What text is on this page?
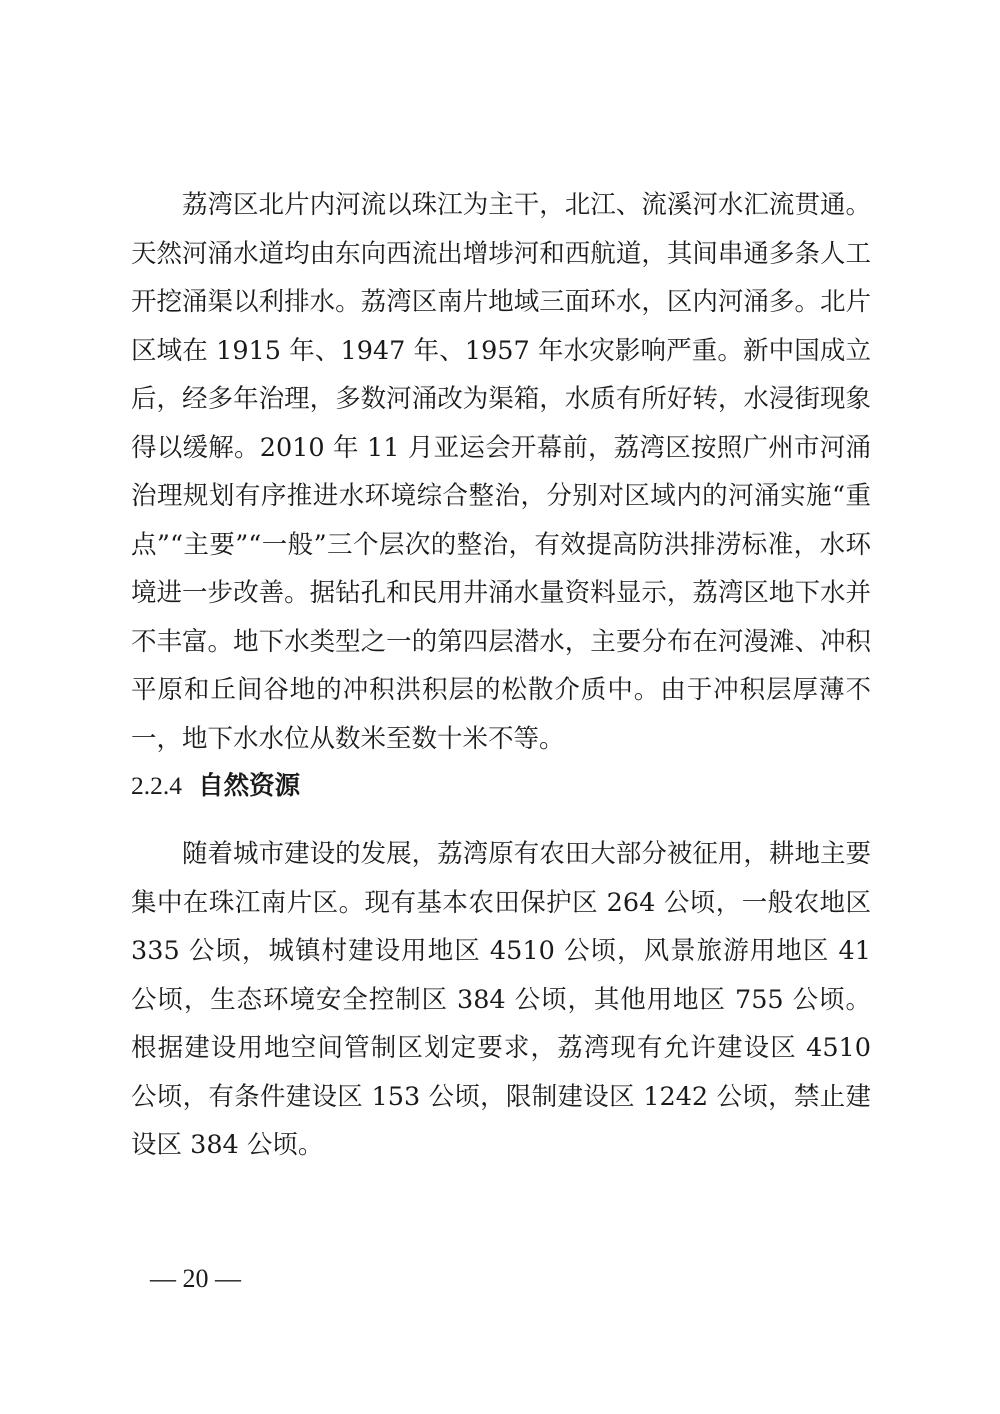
荔湾区北片内河流以珠江为主干，北江、流溪河水汇流贯通。天然河涌水道均由东向西流出增埗河和西航道，其间串通多条人工开挖涌渠以利排水。荔湾区南片地域三面环水，区内河涌多。北片区域在 1915 年、1947 年、1957 年水灾影响严重。新中国成立后，经多年治理，多数河涌改为渠箱，水质有所好转，水浸街现象得以缓解。2010 年 11 月亚运会开幕前，荔湾区按照广州市河涌治理规划有序推进水环境综合整治，分别对区域内的河涌实施“重点”“主要”“一般”三个层次的整治，有效提高防洪排涝标准，水环境进一步改善。据钻孔和民用井涌水量资料显示，荔湾区地下水并不丰富。地下水类型之一的第四层潜水，主要分布在河漫滩、冲积平原和丘间谷地的冲积洪积层的松散介质中。由于冲积层厚薄不一，地下水水位从数米至数十米不等。

2.2.4 自然资源

随着城市建设的发展，荔湾原有农田大部分被征用，耕地主要集中在珠江南片区。现有基本农田保护区 264 公顷，一般农地区 335 公顷，城镇村建设用地区 4510 公顷，风景旅游用地区 41 公顷，生态环境安全控制区 384 公顷，其他用地区 755 公顷。根据建设用地空间管制区划定要求，荔湾现有允许建设区 4510 公顷，有条件建设区 153 公顷，限制建设区 1242 公顷，禁止建设区 384 公顷。

— 20 —
